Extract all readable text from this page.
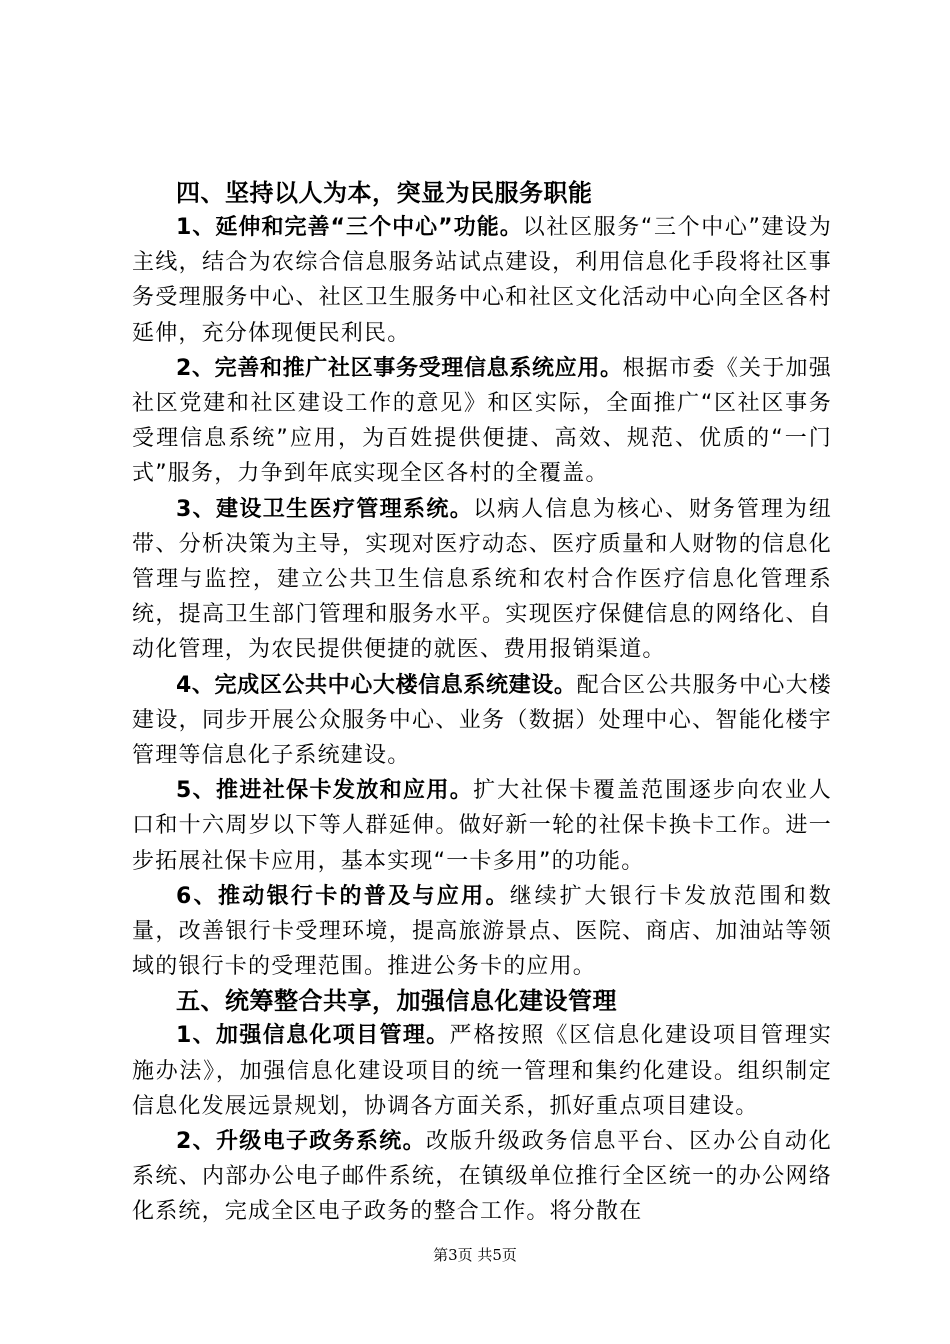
四、坚持以人为本，突显为民服务职能

1、延伸和完善“三个中心”功能。以社区服务“三个中心”建设为主线，结合为农综合信息服务站试点建设，利用信息化手段将社区事务受理服务中心、社区卫生服务中心和社区文化活动中心向全区各村延伸，充分体现便民利民。

2、完善和推广社区事务受理信息系统应用。根据市委《关于加强社区党建和社区建设工作的意见》和区实际，全面推广“区社区事务受理信息系统”应用，为百姓提供便捷、高效、规范、优质的“一门式”服务，力争到年底实现全区各村的全覆盖。

3、建设卫生医疗管理系统。以病人信息为核心、财务管理为纽带、分析决策为主导，实现对医疗动态、医疗质量和人财物的信息化管理与监控，建立公共卫生信息系统和农村合作医疗信息化管理系统，提高卫生部门管理和服务水平。实现医疗保健信息的网络化、自动化管理，为农民提供便捷的就医、费用报销渠道。

4、完成区公共中心大楼信息系统建设。配合区公共服务中心大楼建设，同步开展公众服务中心、业务（数据）处理中心、智能化楼宇管理等信息化子系统建设。

5、推进社保卡发放和应用。扩大社保卡覆盖范围逐步向农业人口和十六周岁以下等人群延伸。做好新一轮的社保卡换卡工作。进一步拓展社保卡应用，基本实现“一卡多用”的功能。

6、推动银行卡的普及与应用。继续扩大银行卡发放范围和数量，改善银行卡受理环境，提高旅游景点、医院、商店、加油站等领域的银行卡的受理范围。推进公务卡的应用。

五、统筹整合共享，加强信息化建设管理

1、加强信息化项目管理。严格按照《区信息化建设项目管理实施办法》，加强信息化建设项目的统一管理和集约化建设。组织制定信息化发展远景规划，协调各方面关系，抓好重点项目建设。

2、升级电子政务系统。改版升级政务信息平台、区办公自动化系统、内部办公电子邮件系统，在镇级单位推行全区统一的办公网络化系统，完成全区电子政务的整合工作。将分散在

第3页 共5页
